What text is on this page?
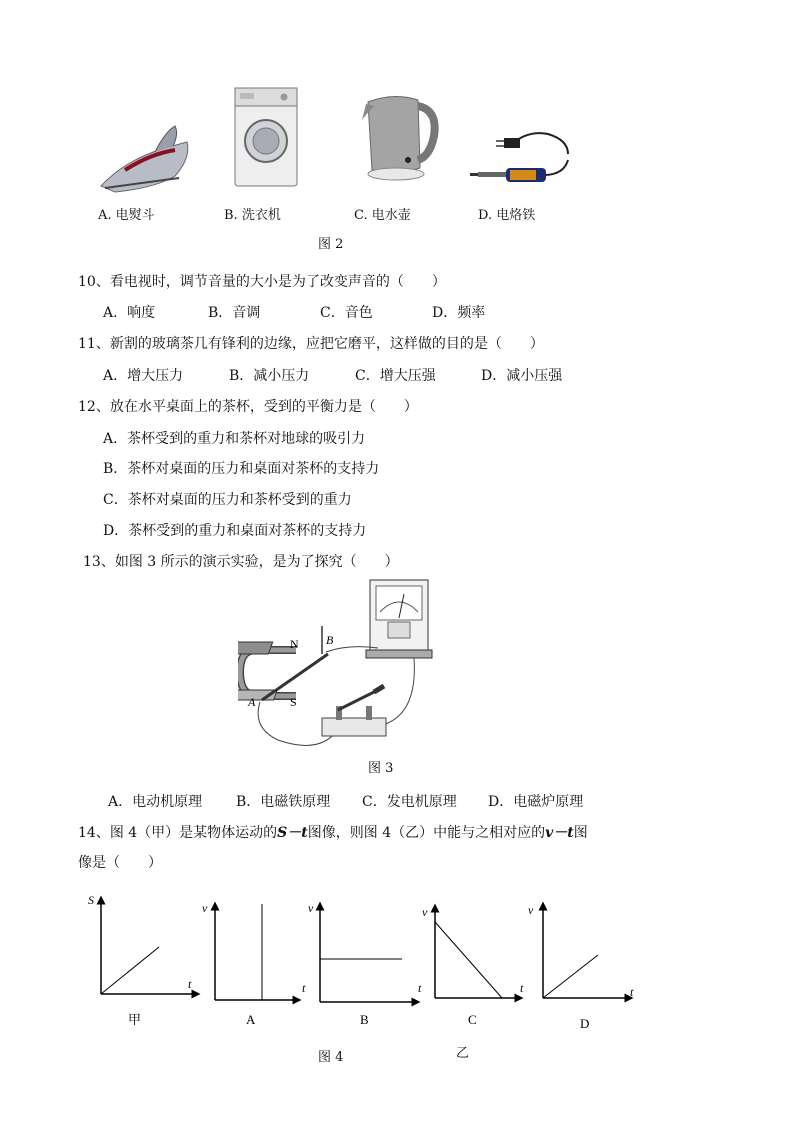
A. 电熨斗	B. 洗衣机	C. 电水壶	D. 电烙铁
图 2
10、看电视时，调节音量的大小是为了改变声音的（　　）
A．响度	B．音调	C．音色	D．频率
11、新割的玻璃茶几有锋利的边缘，应把它磨平，这样做的目的是（　　）
A．增大压力	B．减小压力	C．增大压强	D．减小压强
12、放在水平桌面上的茶杯，受到的平衡力是（　　）
A．茶杯受到的重力和茶杯对地球的吸引力
B．茶杯对桌面的压力和桌面对茶杯的支持力
C．茶杯对桌面的压力和茶杯受到的重力
D．茶杯受到的重力和桌面对茶杯的支持力
13、如图 3 所示的演示实验，是为了探究（　　）
N
S
A
B
图 3
A．电动机原理 B．电磁铁原理 C．发电机原理 D．电磁炉原理
14、图 4（甲）是某物体运动的S－t图像，则图 4（乙）中能与之相对应的v－t图
像是（　　）
S
t
甲
v
t
A
v
t
B
v
t
C
v
t
D
图 4	乙
